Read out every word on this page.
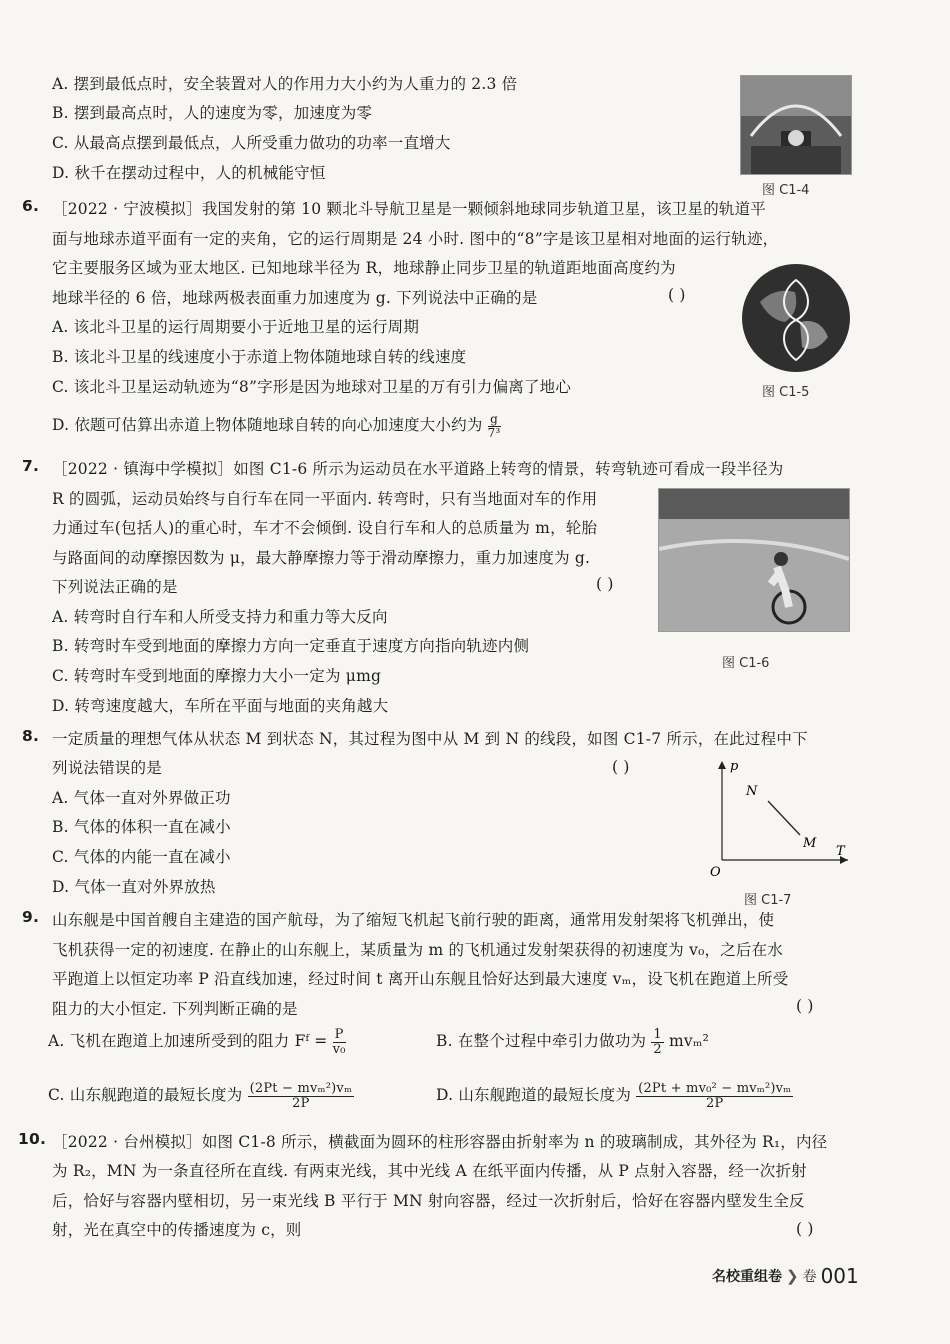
A. 摆到最低点时，安全装置对人的作用力大小约为人重力的 2.3 倍
B. 摆到最高点时，人的速度为零，加速度为零
C. 从最高点摆到最低点，人所受重力做功的功率一直增大
D. 秋千在摆动过程中，人的机械能守恒
图 C1-4
6. ［2022 · 宁波模拟］我国发射的第 10 颗北斗导航卫星是一颗倾斜地球同步轨道卫星，该卫星的轨道平
面与地球赤道平面有一定的夹角，它的运行周期是 24 小时. 图中的“8”字是该卫星相对地面的运行轨迹，
它主要服务区域为亚太地区. 已知地球半径为 R，地球静止同步卫星的轨道距地面高度约为
地球半径的 6 倍，地球两极表面重力加速度为 g. 下列说法中正确的是	( )
A. 该北斗卫星的运行周期要小于近地卫星的运行周期
B. 该北斗卫星的线速度小于赤道上物体随地球自转的线速度
C. 该北斗卫星运动轨迹为“8”字形是因为地球对卫星的万有引力偏离了地心
D. 依题可估算出赤道上物体随地球自转的向心加速度大小约为 $\frac{g}{\text{7³}}$
图 C1-5
7. ［2022 · 镇海中学模拟］如图 C1-6 所示为运动员在水平道路上转弯的情景，转弯轨迹可看成一段半径为
R 的圆弧，运动员始终与自行车在同一平面内. 转弯时，只有当地面对车的作用
力通过车(包括人)的重心时，车才不会倾倒. 设自行车和人的总质量为 m，轮胎
与路面间的动摩擦因数为 μ，最大静摩擦力等于滑动摩擦力，重力加速度为 g.
下列说法正确的是	( )
A. 转弯时自行车和人所受支持力和重力等大反向
B. 转弯时车受到地面的摩擦力方向一定垂直于速度方向指向轨迹内侧
C. 转弯时车受到地面的摩擦力大小一定为 μmg
D. 转弯速度越大，车所在平面与地面的夹角越大
图 C1-6
8. 一定质量的理想气体从状态 M 到状态 N，其过程为图中从 M 到 N 的线段，如图 C1-7 所示，在此过程中下
列说法错误的是	( )
A. 气体一直对外界做正功
B. 气体的体积一直在减小
C. 气体的内能一直在减小
D. 气体一直对外界放热
p
T
O
N
M
图 C1-7
9. 山东舰是中国首艘自主建造的国产航母，为了缩短飞机起飞前行驶的距离，通常用发射架将飞机弹出，使
飞机获得一定的初速度. 在静止的山东舰上，某质量为 m 的飞机通过发射架获得的初速度为 v₀，之后在水
平跑道上以恒定功率 P 沿直线加速，经过时间 t 离开山东舰且恰好达到最大速度 vₘ，设飞机在跑道上所受
阻力的大小恒定. 下列判断正确的是	( )
A. 飞机在跑道上加速所受到的阻力 Fᶠ = $\frac{P}{\text{v₀}}$	B. 在整个过程中牵引力做功为 $\frac{1}{2} mv_m^2$
C. 山东舰跑道的最短长度为 $\frac{\text{(2Pt − mvₘ²)vₘ}}{2P}$	D. 山东舰跑道的最短长度为 $\frac{\text{(2Pt + mv₀² − mvₘ²)vₘ}}{2P}$
10. ［2022 · 台州模拟］如图 C1-8 所示，横截面为圆环的柱形容器由折射率为 n 的玻璃制成，其外径为 R₁，内径
为 R₂，MN 为一条直径所在直线. 有两束光线，其中光线 A 在纸平面内传播，从 P 点射入容器，经一次折射
后，恰好与容器内壁相切，另一束光线 B 平行于 MN 射向容器，经过一次折射后，恰好在容器内壁发生全反
射，光在真空中的传播速度为 c，则	( )
名校重组卷 ❯ 卷 001
